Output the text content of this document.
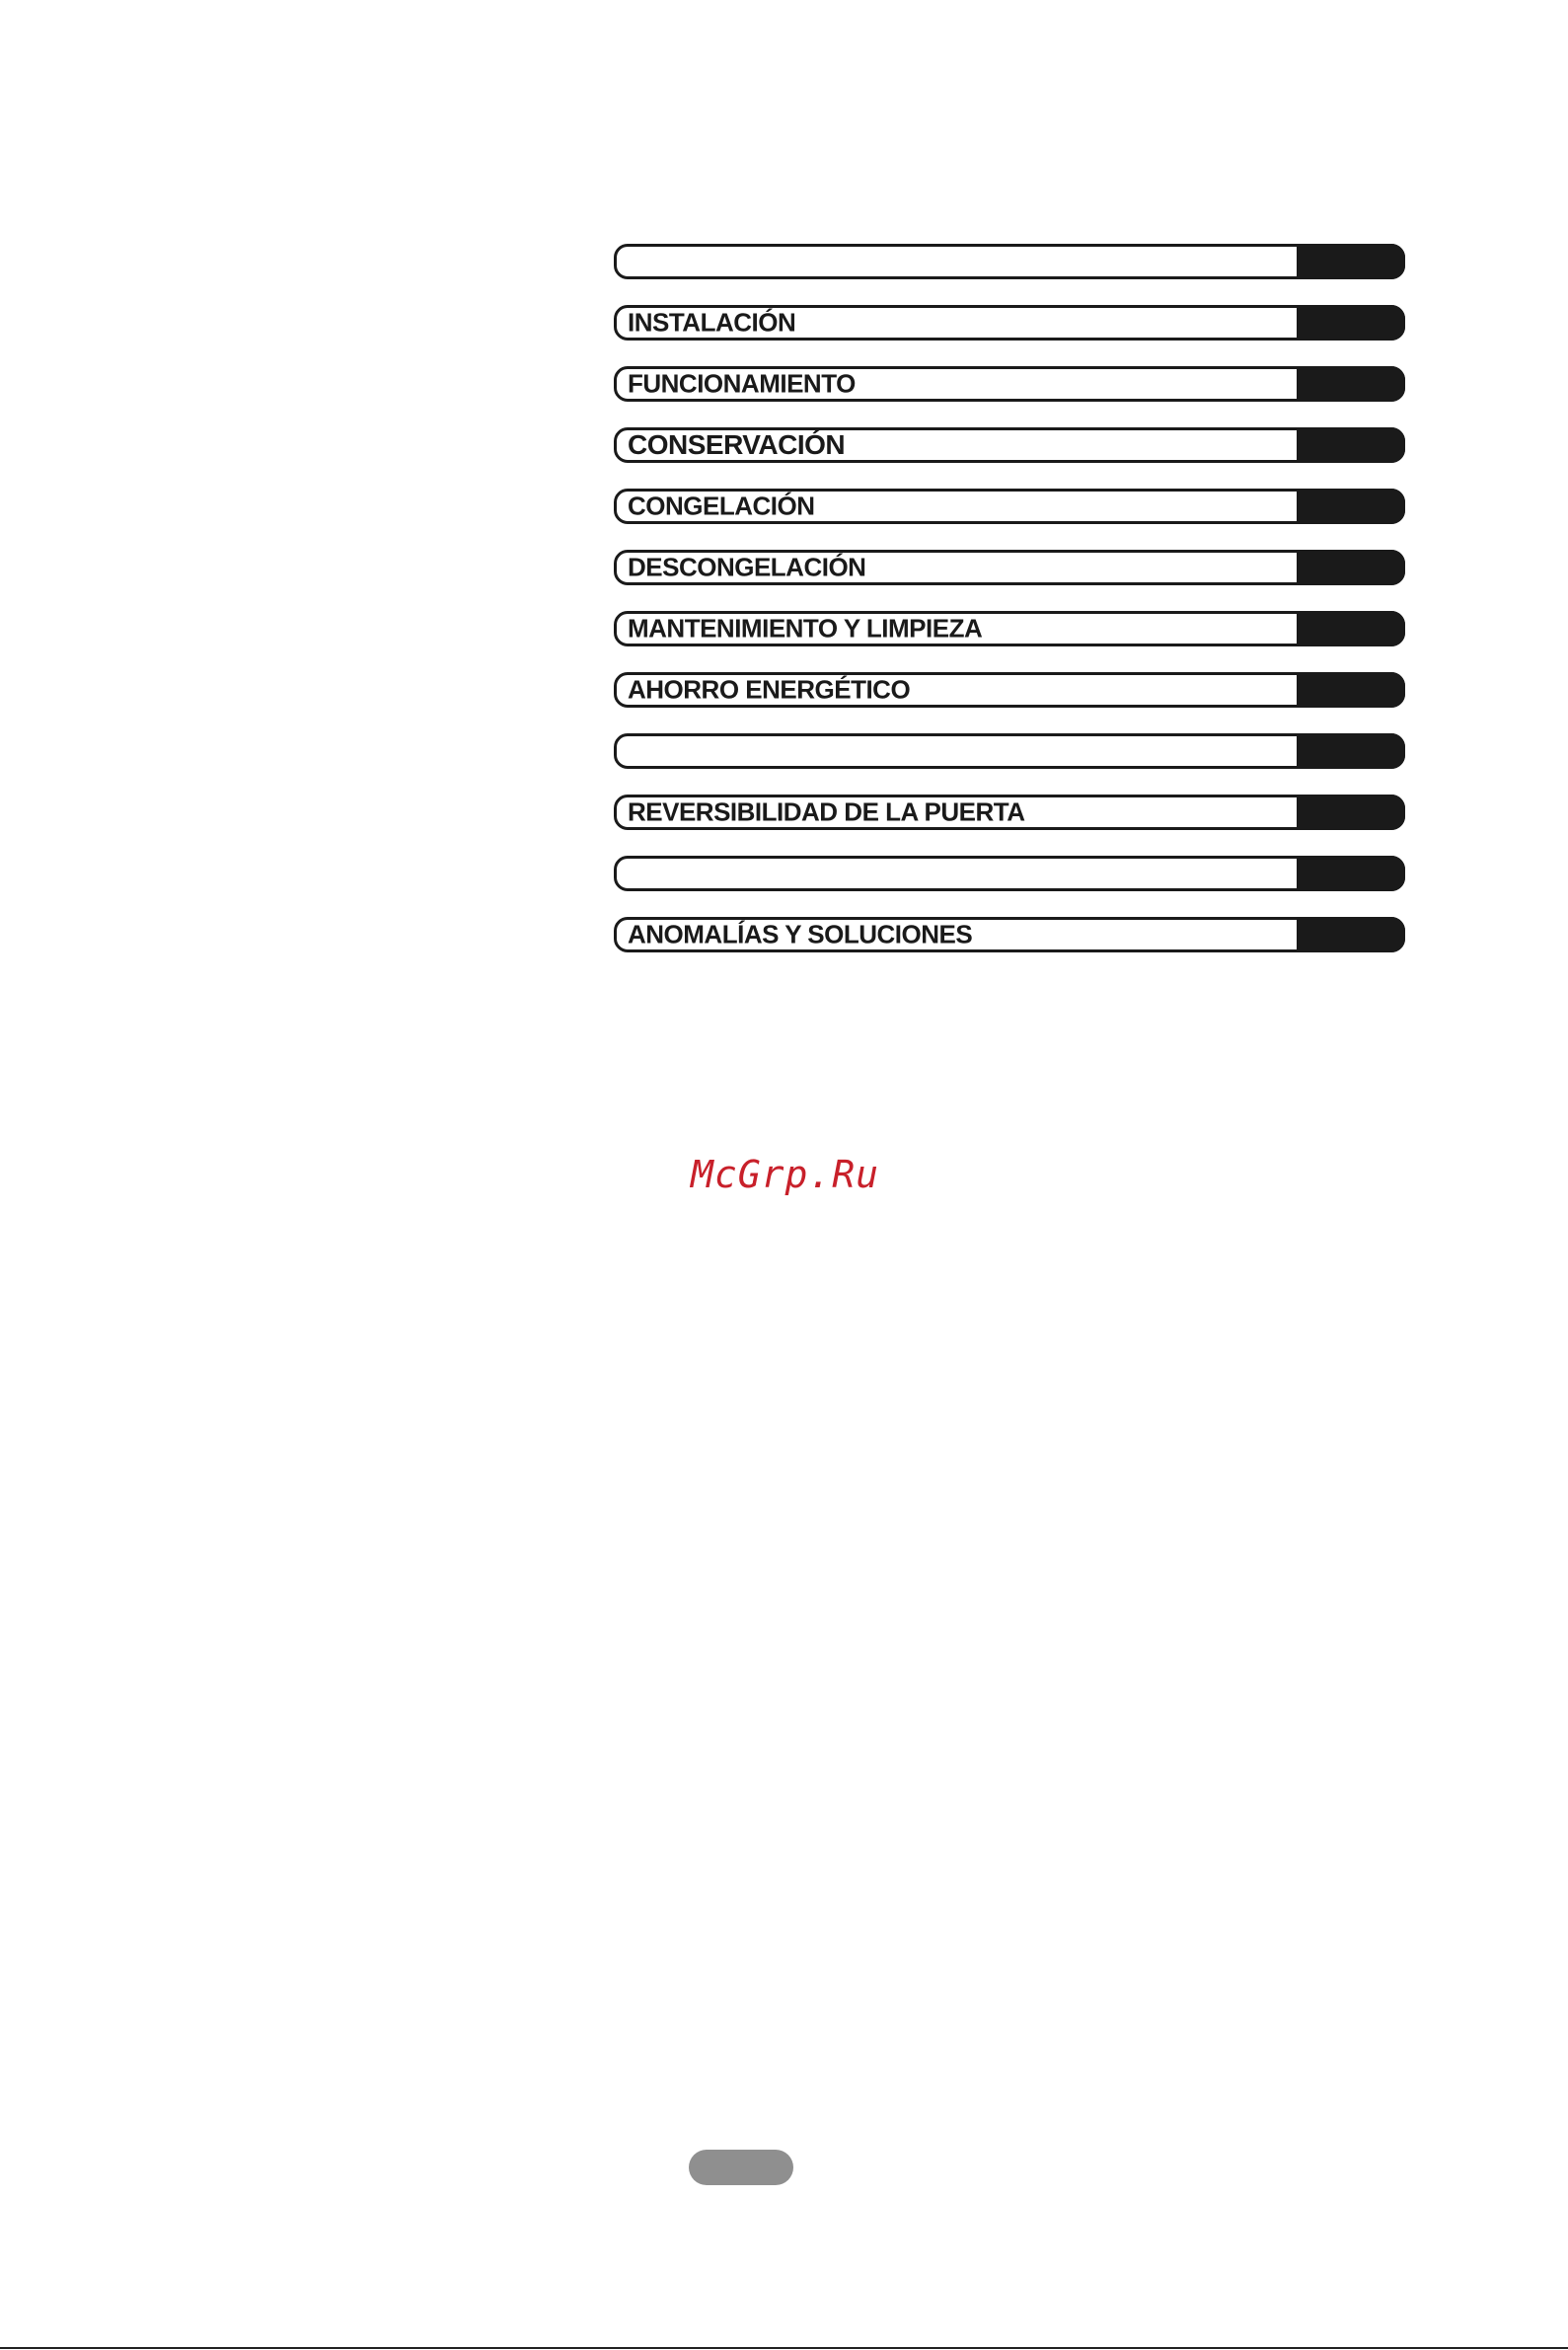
INSTALACIÓN
FUNCIONAMIENTO
CONSERVACIÓN
CONGELACIÓN
DESCONGELACIÓN
MANTENIMIENTO Y LIMPIEZA
AHORRO ENERGÉTICO
REVERSIBILIDAD DE LA PUERTA
ANOMALÍAS Y SOLUCIONES
McGrp.Ru
